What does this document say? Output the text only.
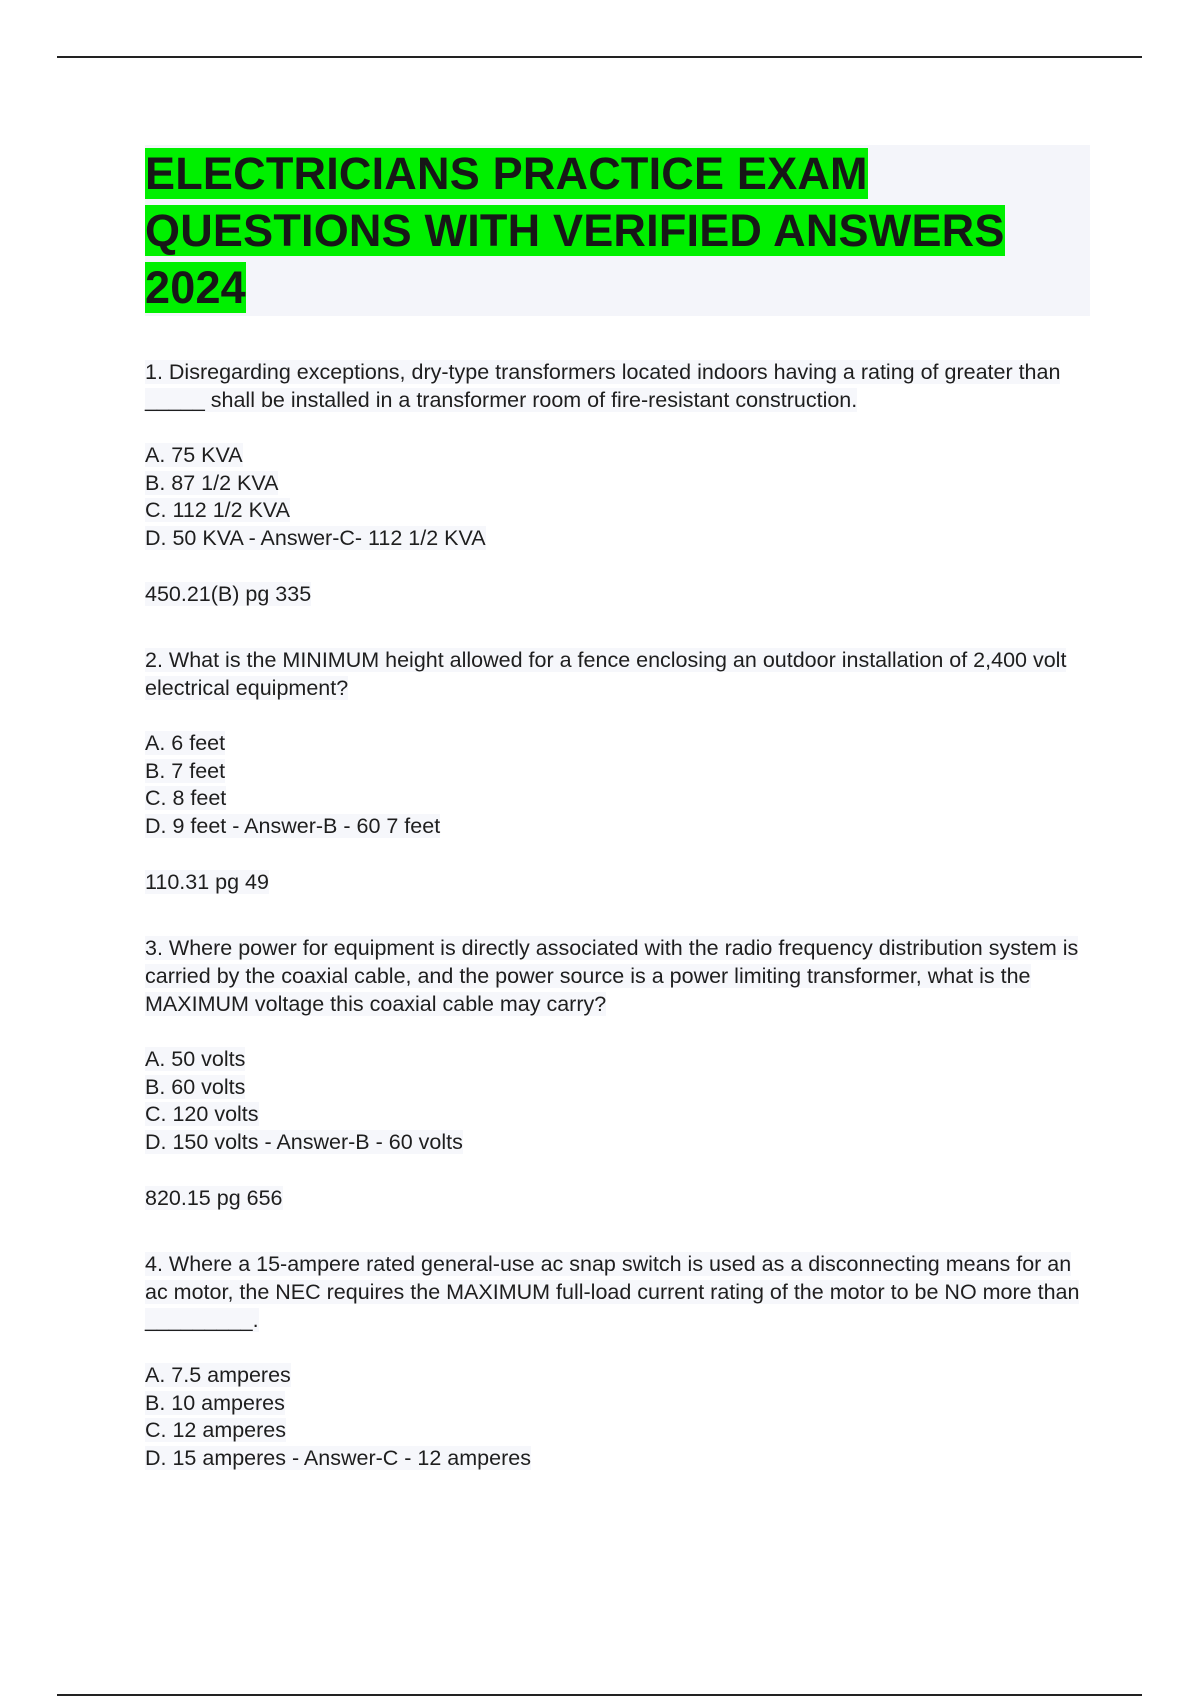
ELECTRICIANS PRACTICE EXAM QUESTIONS WITH VERIFIED ANSWERS 2024
1. Disregarding exceptions, dry-type transformers located indoors having a rating of greater than _____ shall be installed in a transformer room of fire-resistant construction.
A. 75 KVA
B. 87 1/2 KVA
C. 112 1/2 KVA
D. 50 KVA - Answer-C- 112 1/2 KVA
450.21(B) pg 335
2. What is the MINIMUM height allowed for a fence enclosing an outdoor installation of 2,400 volt electrical equipment?
A. 6 feet
B. 7 feet
C. 8 feet
D. 9 feet - Answer-B - 60 7 feet
110.31 pg 49
3. Where power for equipment is directly associated with the radio frequency distribution system is carried by the coaxial cable, and the power source is a power limiting transformer, what is the MAXIMUM voltage this coaxial cable may carry?
A. 50 volts
B. 60 volts
C. 120 volts
D. 150 volts - Answer-B - 60 volts
820.15 pg 656
4. Where a 15-ampere rated general-use ac snap switch is used as a disconnecting means for an ac motor, the NEC requires the MAXIMUM full-load current rating of the motor to be NO more than _________.
A. 7.5 amperes
B. 10 amperes
C. 12 amperes
D. 15 amperes - Answer-C - 12 amperes
